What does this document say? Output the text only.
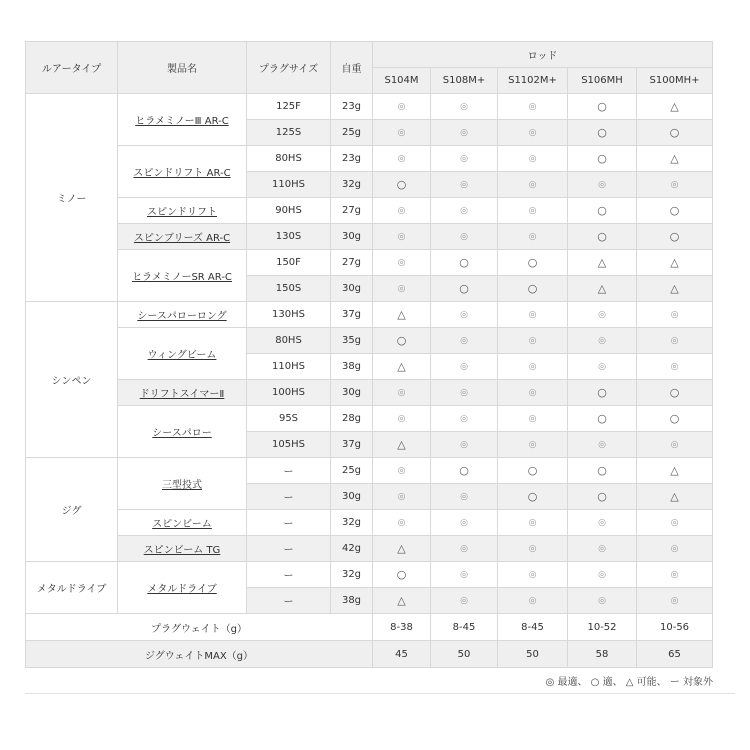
ルアータイプ	製品名	プラグサイズ	自重	ロッド				
				S104M	S108M+	S1102M+	S106MH	S100MH+
ミノー	ヒラメミノーⅢ AR-C	125F	23g	◎	◎	◎	○	△
		125S	25g	◎	◎	◎	○	○
	スピンドリフト AR-C	80HS	23g	◎	◎	◎	○	△
		110HS	32g	○	◎	◎	◎	◎
	スピンドリフト	90HS	27g	◎	◎	◎	○	○
	スピンブリーズ AR-C	130S	30g	◎	◎	◎	○	○
	ヒラメミノーSR AR-C	150F	27g	◎	○	○	△	△
		150S	30g	◎	○	○	△	△
シンペン	シースパローロング	130HS	37g	△	◎	◎	◎	◎
	ウィングビーム	80HS	35g	○	◎	◎	◎	◎
		110HS	38g	△	◎	◎	◎	◎
	ドリフトスイマーⅡ	100HS	30g	◎	◎	◎	○	○
	シースパロー	95S	28g	◎	◎	◎	○	○
		105HS	37g	△	◎	◎	◎	◎
ジグ	三型投式	ー	25g	◎	○	○	○	△
		ー	30g	◎	◎	○	○	△
	スピンビーム	ー	32g	◎	◎	◎	◎	◎
	スピンビーム TG	ー	42g	△	◎	◎	◎	◎
メタルドライブ	メタルドライブ	ー	32g	○	◎	◎	◎	◎
		ー	38g	△	◎	◎	◎	◎
プラグウェイト（g）				8-38	8-45	8-45	10-52	10-56
ジグウェイトMAX（g）				45	50	50	58	65
◎ 最適、 ○ 適、 △ 可能、 ー 対象外
